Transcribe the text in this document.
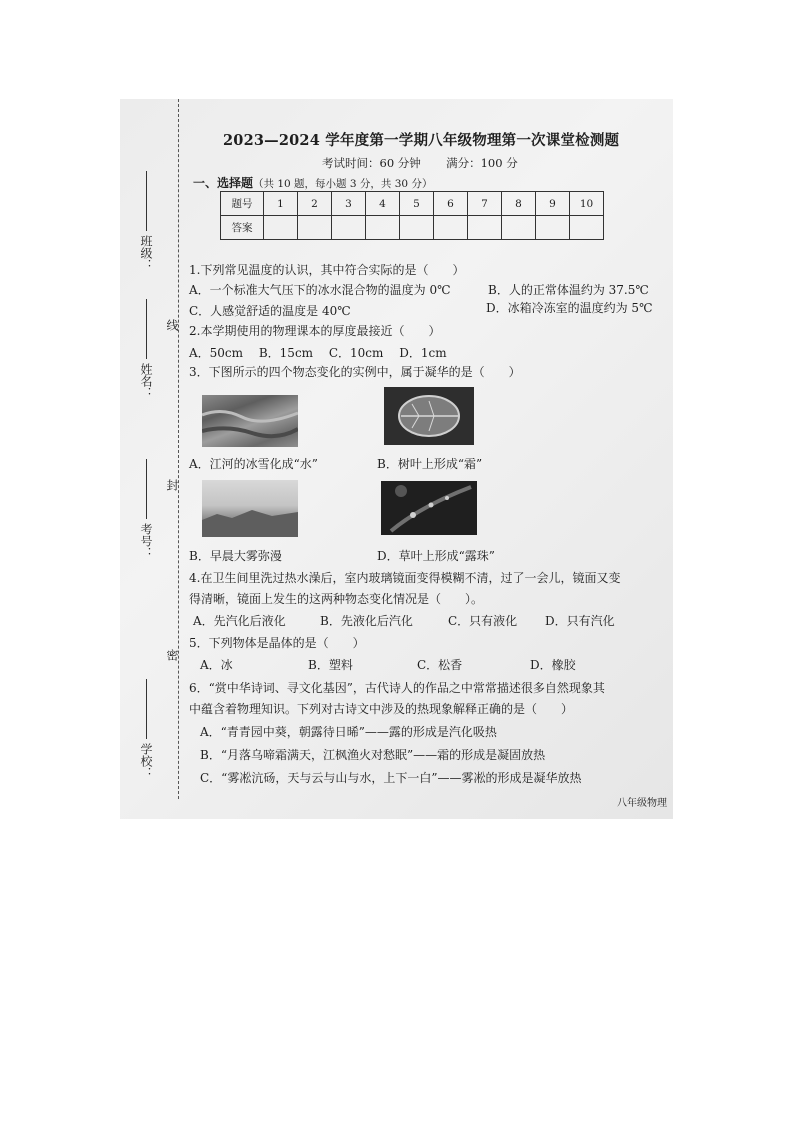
班级：
姓名：
考号：
学校：
线
封
密
2023—2024 学年度第一学期八年级物理第一次课堂检测题
考试时间：60 分钟 满分：100 分
一、选择题（共 10 题，每小题 3 分，共 30 分）
题号	1	2	3	4	5	6	7	8	9	10
答案										
1.下列常见温度的认识，其中符合实际的是（　　）
A．一个标准大气压下的冰水混合物的温度为 0℃	B．人的正常体温约为 37.5℃
C．人感觉舒适的温度是 40℃	D．冰箱冷冻室的温度约为 5℃
2.本学期使用的物理课本的厚度最接近（　　）
A．50cm　 B．15cm　 C．10cm　 D．1cm
3．下图所示的四个物态变化的实例中，属于凝华的是（　　）
A．江河的冰雪化成“水”	B．树叶上形成“霜”
B．早晨大雾弥漫	D．草叶上形成“露珠”
4.在卫生间里洗过热水澡后，室内玻璃镜面变得模糊不清，过了一会儿，镜面又变
得清晰，镜面上发生的这两种物态变化情况是（　　）。
A．先汽化后液化	B．先液化后汽化	C．只有液化 D．只有汽化
5．下列物体是晶体的是（　　）
A．冰	B．塑料	C．松香	D．橡胶
6．“赏中华诗词、寻文化基因”，古代诗人的作品之中常常描述很多自然现象其
中蕴含着物理知识。下列对古诗文中涉及的热现象解释正确的是（　　）
A．“青青园中葵，朝露待日晞”——露的形成是汽化吸热
B．“月落乌啼霜满天，江枫渔火对愁眠”——霜的形成是凝固放热
C．“雾凇沆砀，天与云与山与水，上下一白”——雾凇的形成是凝华放热
八年级物理
